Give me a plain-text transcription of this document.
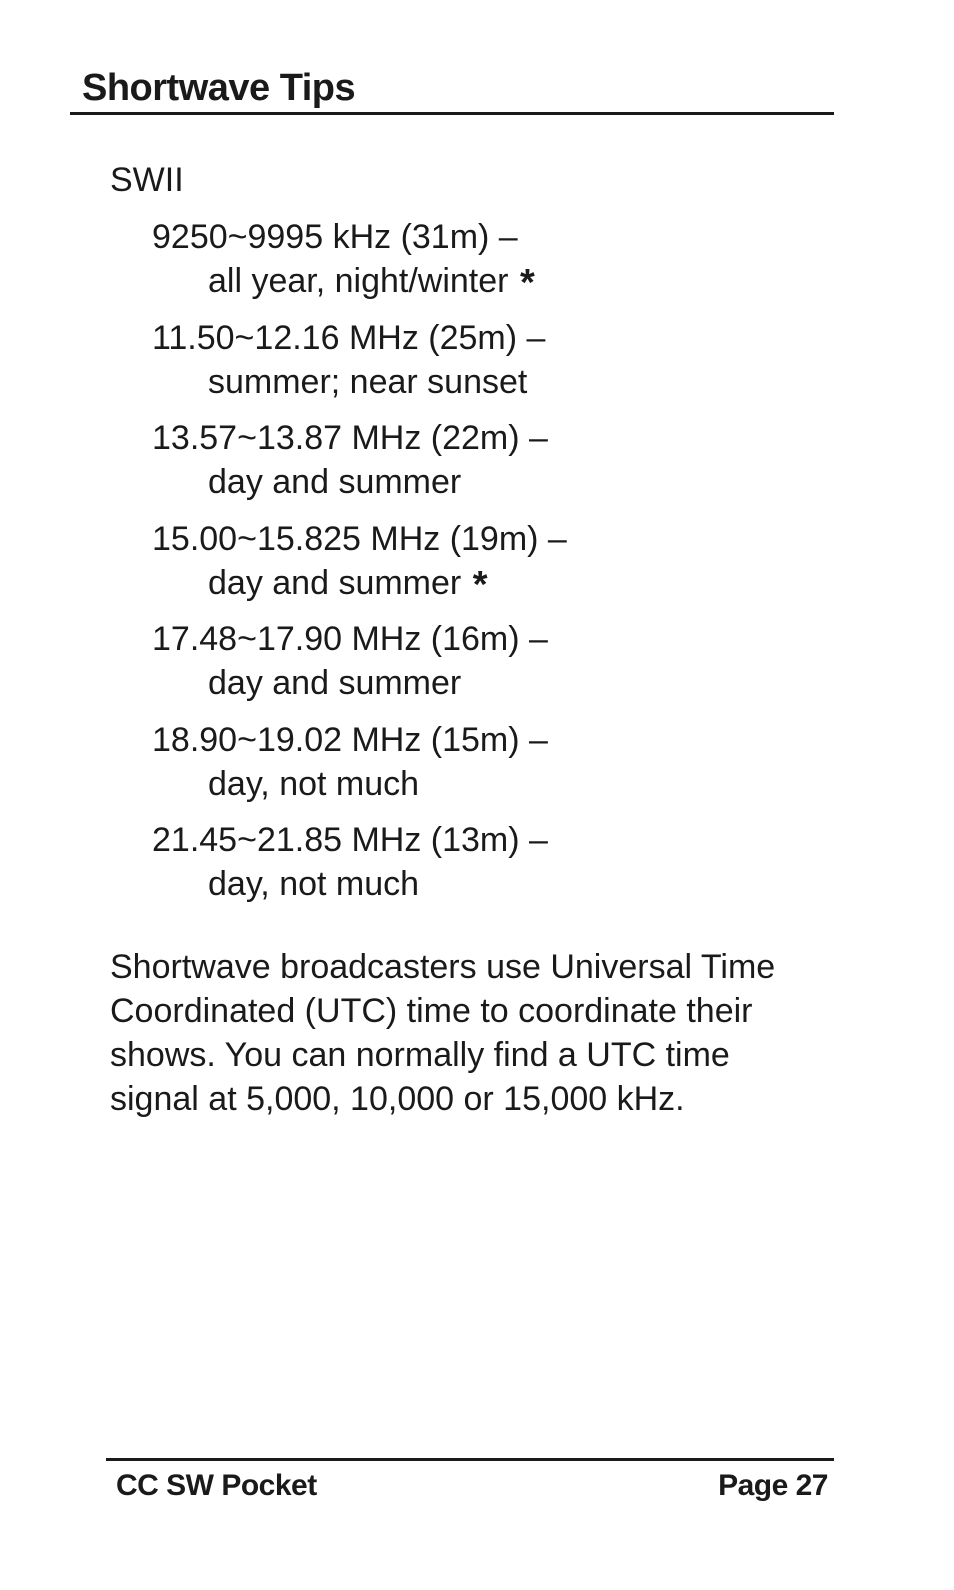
Shortwave Tips
SWII
9250~9995 kHz (31m) –
all year, night/winter *
11.50~12.16 MHz (25m) –
summer; near sunset
13.57~13.87 MHz (22m) –
day and summer
15.00~15.825 MHz (19m) –
day and summer *
17.48~17.90 MHz (16m) –
day and summer
18.90~19.02 MHz (15m) –
day, not much
21.45~21.85 MHz (13m) –
day, not much
Shortwave broadcasters use Universal Time
Coordinated (UTC) time to coordinate their
shows. You can normally find a UTC time
signal at 5,000, 10,000 or 15,000 kHz.
CC SW Pocket	Page 27
